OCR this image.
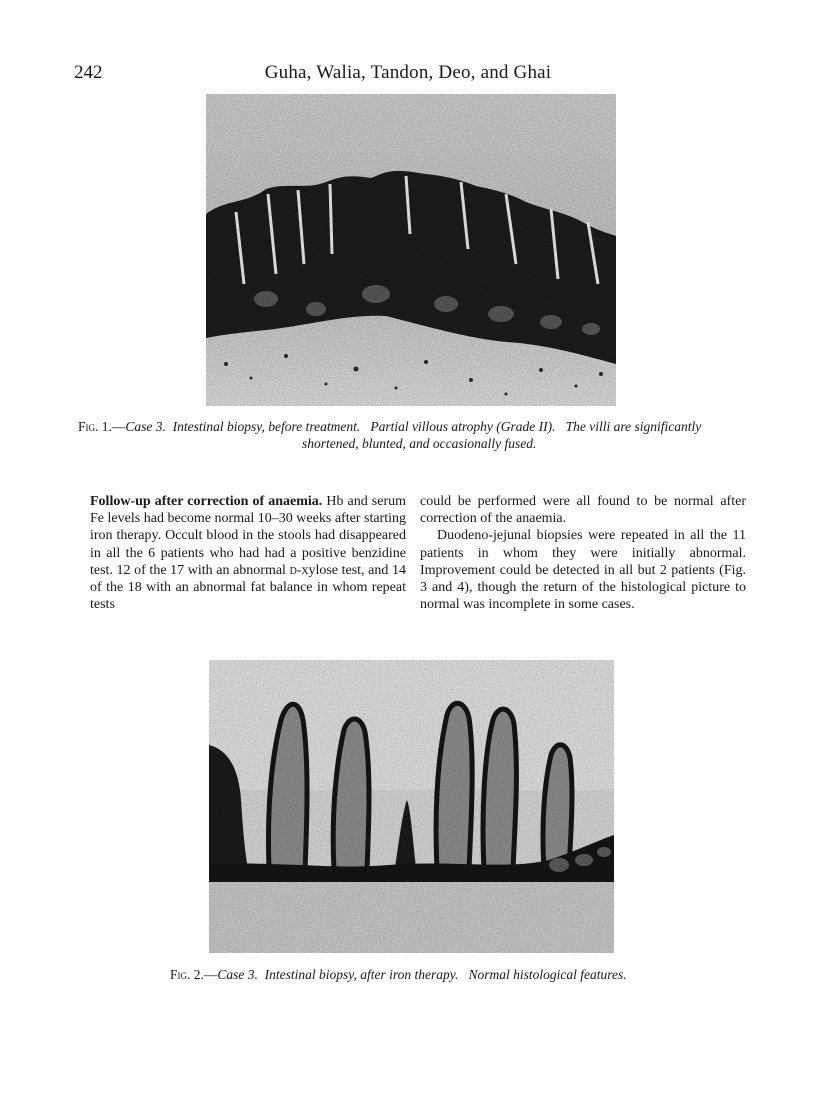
242	Guha, Walia, Tandon, Deo, and Ghai
Fig. 1.—Case 3. Intestinal biopsy, before treatment.   Partial villous atrophy (Grade II).   The villi are significantly
shortened, blunted, and occasionally fused.

Follow-up after correction of anaemia. Hb and serum Fe levels had become normal 10–30 weeks after starting iron therapy. Occult blood in the stools had disappeared in all the 6 patients who had had a positive benzidine test. 12 of the 17 with an abnormal d-xylose test, and 14 of the 18 with an abnormal fat balance in whom repeat tests

could be performed were all found to be normal after correction of the anaemia.

Duodeno-jejunal biopsies were repeated in all the 11 patients in whom they were initially abnormal. Improvement could be detected in all but 2 patients (Fig. 3 and 4), though the return of the histological picture to normal was incomplete in some cases.

Fig. 2.—Case 3. Intestinal biopsy, after iron therapy.   Normal histological features.
